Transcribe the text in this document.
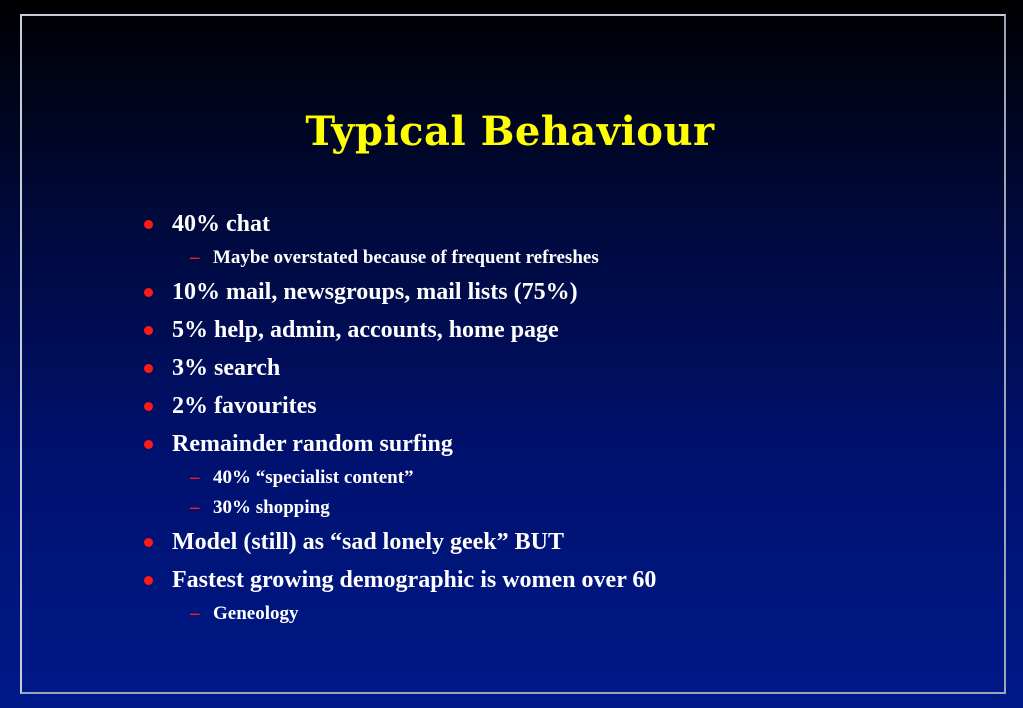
Typical Behaviour
40% chat
– Maybe overstated because of frequent refreshes
10% mail, newsgroups, mail lists (75%)
5% help, admin, accounts, home page
3% search
2% favourites
Remainder random surfing
– 40% “specialist content”
– 30% shopping
Model (still) as “sad lonely geek” BUT
Fastest growing demographic is women over 60
– Geneology
